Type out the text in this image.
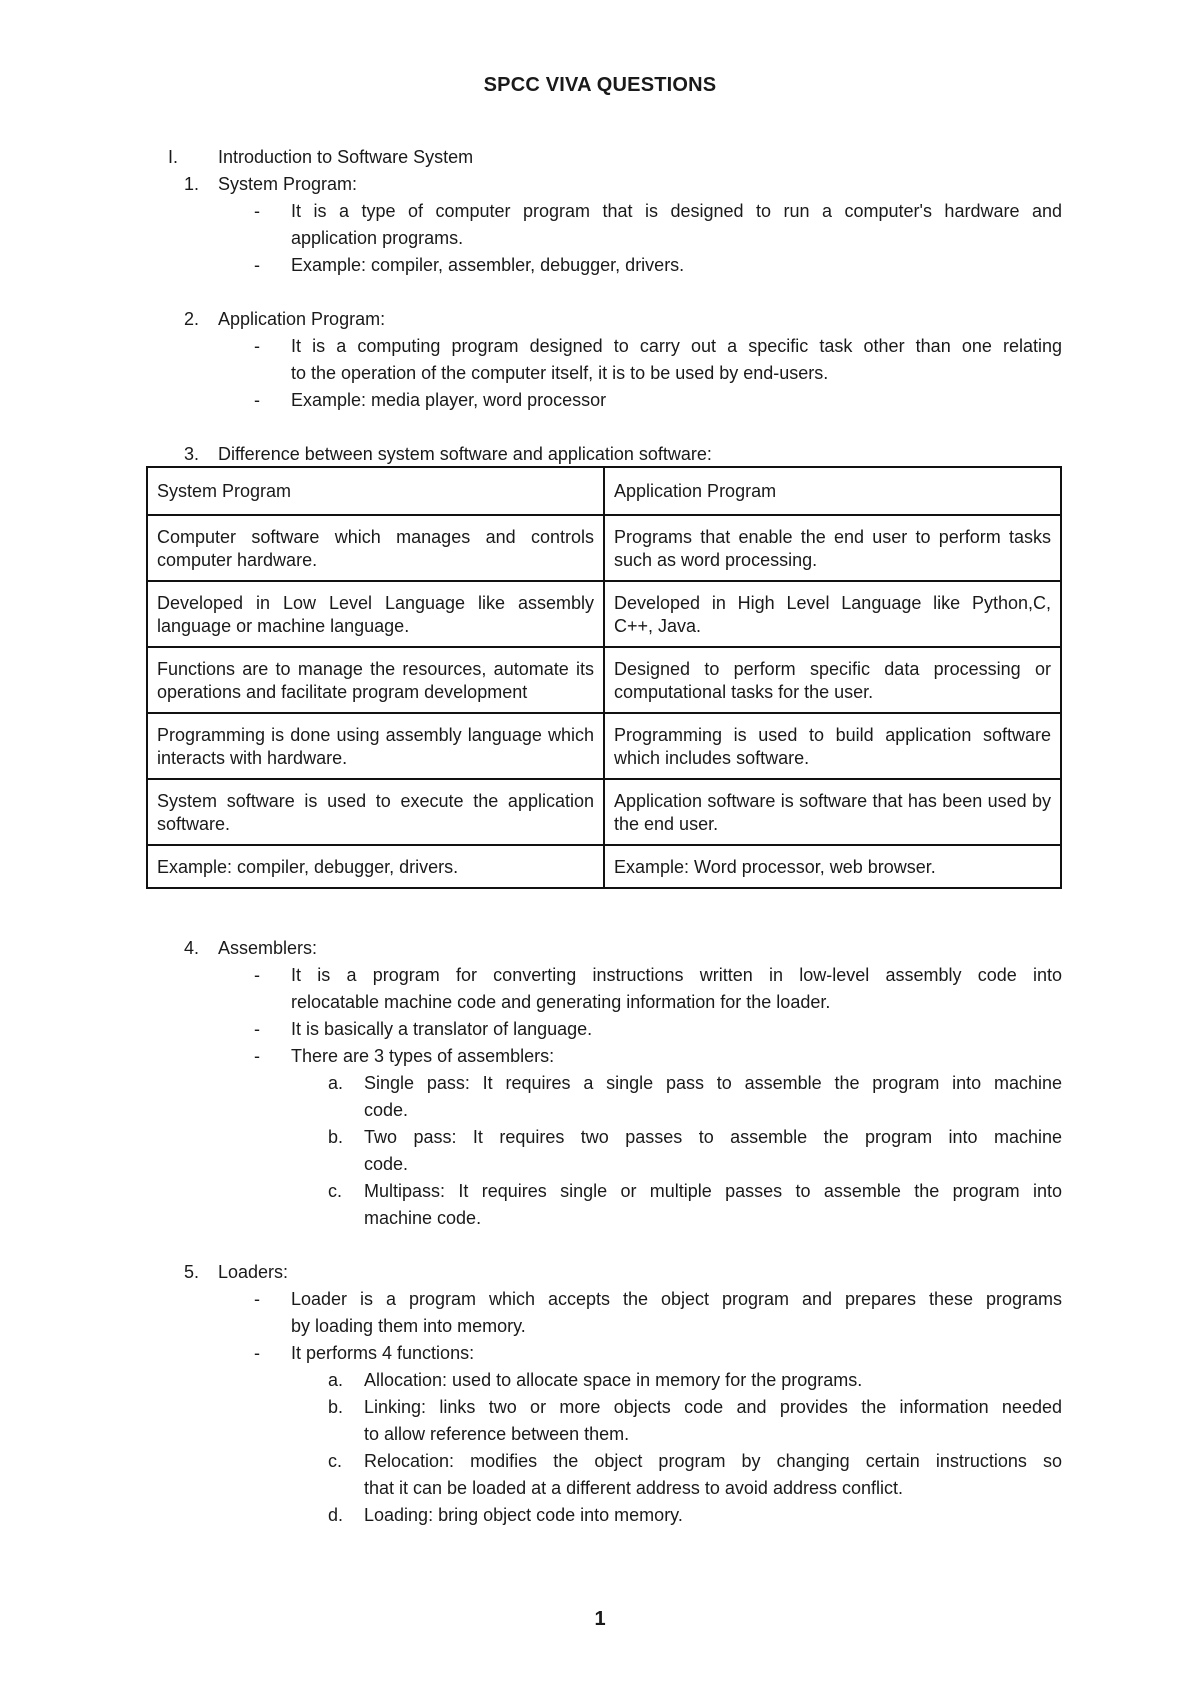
SPCC VIVA QUESTIONS
I. Introduction to Software System
1. System Program:
- It is a type of computer program that is designed to run a computer's hardware and
application programs.
- Example: compiler, assembler, debugger, drivers.
2. Application Program:
- It is a computing program designed to carry out a specific task other than one relating
to the operation of the computer itself, it is to be used by end-users.
- Example: media player, word processor
3. Difference between system software and application software:
System Program	Application Program
Computer software which manages and controls computer hardware.	Programs that enable the end user to perform tasks such as word processing.
Developed in Low Level Language like assembly language or machine language.	Developed in High Level Language like Python,C, C++, Java.
Functions are to manage the resources, automate its operations and facilitate program development	Designed to perform specific data processing or computational tasks for the user.
Programming is done using assembly language which interacts with hardware.	Programming is used to build application software which includes software.
System software is used to execute the application software.	Application software is software that has been used by the end user.
Example: compiler, debugger, drivers.	Example: Word processor, web browser.
4. Assemblers:
- It is a program for converting instructions written in low-level assembly code into
relocatable machine code and generating information for the loader.
- It is basically a translator of language.
- There are 3 types of assemblers:
a. Single pass: It requires a single pass to assemble the program into machine
code.
b. Two pass: It requires two passes to assemble the program into machine
code.
c. Multipass: It requires single or multiple passes to assemble the program into
machine code.
5. Loaders:
- Loader is a program which accepts the object program and prepares these programs
by loading them into memory.
- It performs 4 functions:
a. Allocation: used to allocate space in memory for the programs.
b. Linking: links two or more objects code and provides the information needed
to allow reference between them.
c. Relocation: modifies the object program by changing certain instructions so
that it can be loaded at a different address to avoid address conflict.
d. Loading: bring object code into memory.
1
